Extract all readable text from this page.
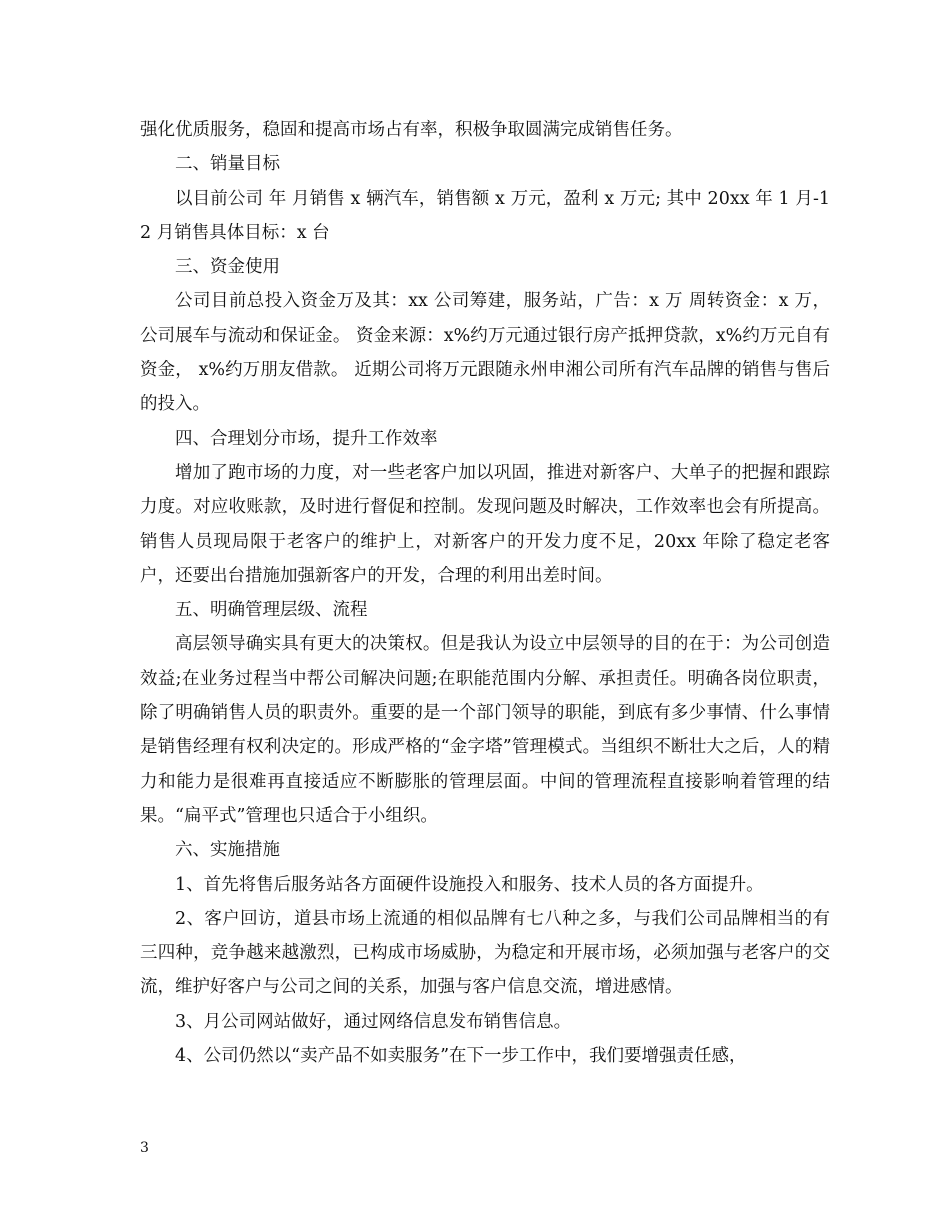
强化优质服务，稳固和提高市场占有率，积极争取圆满完成销售任务。

二、销量目标

以目前公司 年 月销售 x 辆汽车，销售额 x 万元，盈利 x 万元; 其中 20xx 年 1 月-12 月销售具体目标：x 台

三、资金使用

公司目前总投入资金万及其：xx 公司筹建，服务站，广告：x 万 周转资金：x 万，公司展车与流动和保证金。 资金来源：x%约万元通过银行房产抵押贷款，x%约万元自有资金， x%约万朋友借款。 近期公司将万元跟随永州申湘公司所有汽车品牌的销售与售后的投入。

四、合理划分市场，提升工作效率

增加了跑市场的力度，对一些老客户加以巩固，推进对新客户、大单子的把握和跟踪力度。对应收账款，及时进行督促和控制。发现问题及时解决，工作效率也会有所提高。 销售人员现局限于老客户的维护上，对新客户的开发力度不足，20xx 年除了稳定老客户，还要出台措施加强新客户的开发，合理的利用出差时间。

五、明确管理层级、流程

高层领导确实具有更大的决策权。但是我认为设立中层领导的目的在于：为公司创造效益;在业务过程当中帮公司解决问题;在职能范围内分解、承担责任。明确各岗位职责，除了明确销售人员的职责外。重要的是一个部门领导的职能，到底有多少事情、什么事情是销售经理有权利决定的。形成严格的“金字塔”管理模式。当组织不断壮大之后，人的精力和能力是很难再直接适应不断膨胀的管理层面。中间的管理流程直接影响着管理的结果。“扁平式”管理也只适合于小组织。

六、实施措施

1、首先将售后服务站各方面硬件设施投入和服务、技术人员的各方面提升。

2、客户回访，道县市场上流通的相似品牌有七八种之多，与我们公司品牌相当的有三四种，竞争越来越激烈，已构成市场威胁，为稳定和开展市场，必须加强与老客户的交流，维护好客户与公司之间的关系，加强与客户信息交流，增进感情。

3、月公司网站做好，通过网络信息发布销售信息。

4、公司仍然以“卖产品不如卖服务”在下一步工作中，我们要增强责任感，

3
